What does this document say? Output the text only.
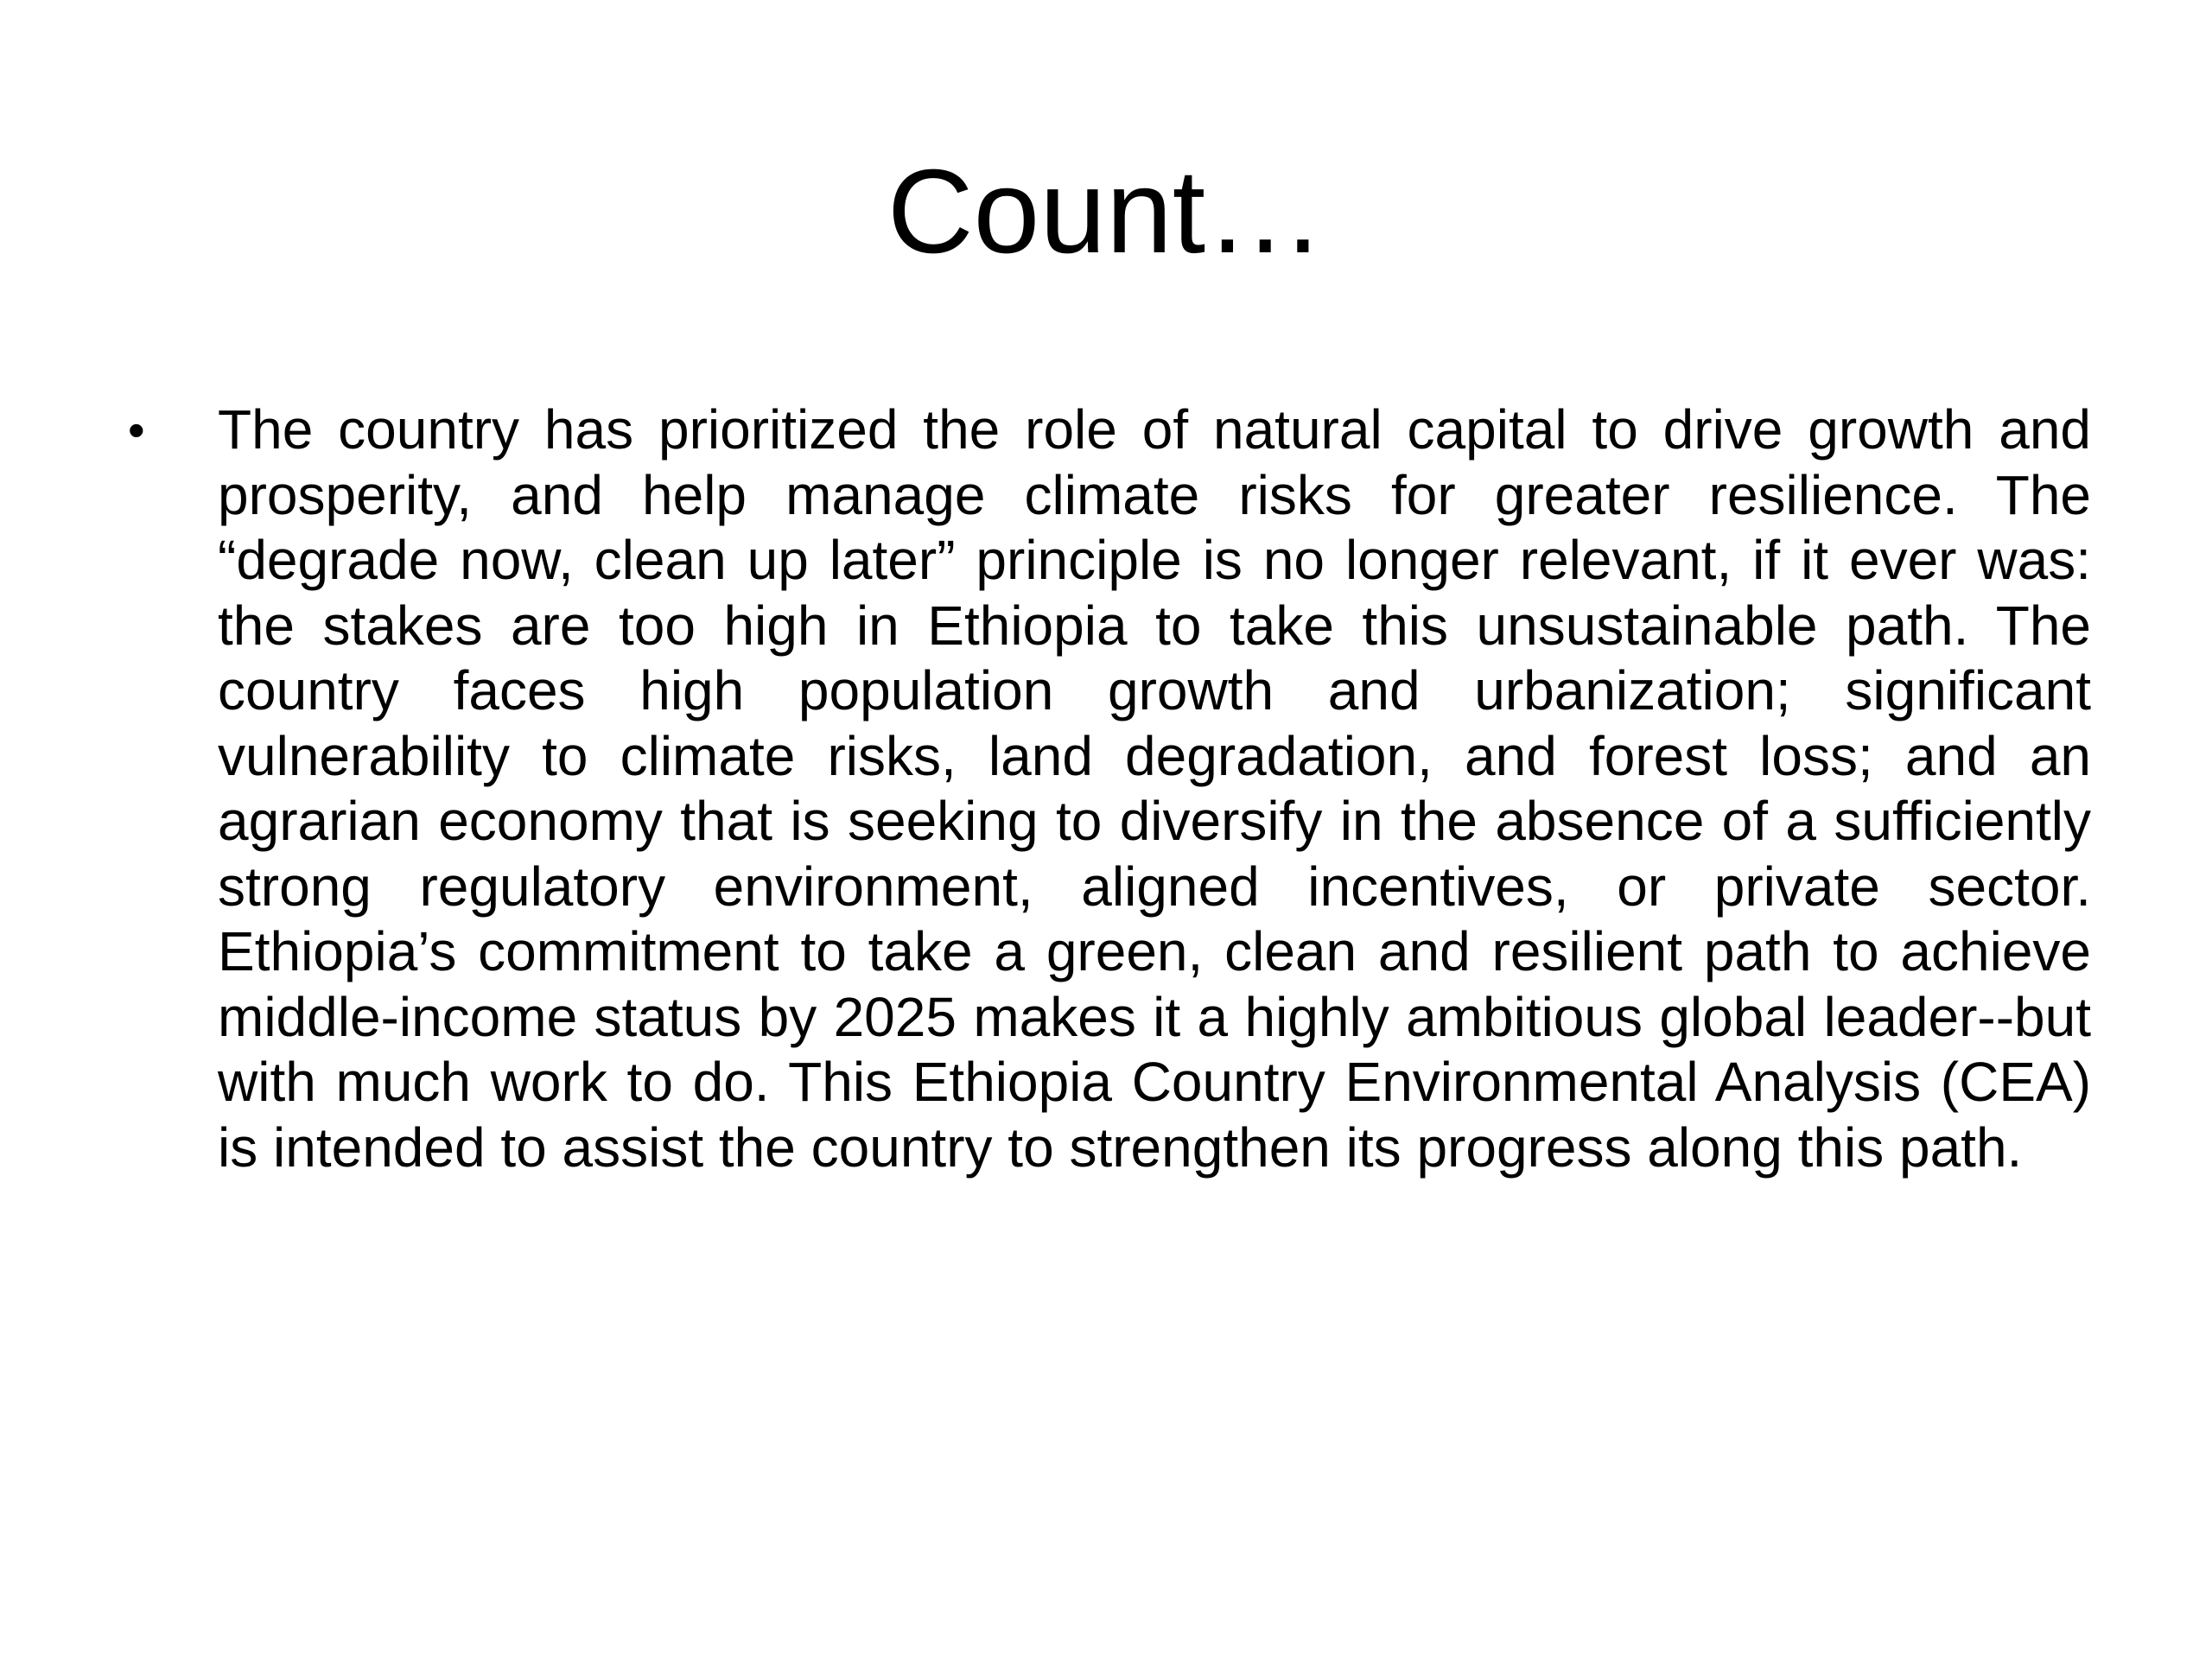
Count…
•	The country has prioritized the role of natural capital to drive growth and prosperity, and help manage climate risks for greater resilience. The “degrade now, clean up later” principle is no longer relevant, if it ever was: the stakes are too high in Ethiopia to take this unsustainable path. The country faces high population growth and urbanization; significant vulnerability to climate risks, land degradation, and forest loss; and an agrarian economy that is seeking to diversify in the absence of a sufficiently strong regulatory environment, aligned incentives, or private sector. Ethiopia’s commitment to take a green, clean and resilient path to achieve middle-income status by 2025 makes it a highly ambitious global leader--but with much work to do. This Ethiopia Country Environmental Analysis (CEA) is intended to assist the country to strengthen its progress along this path.
